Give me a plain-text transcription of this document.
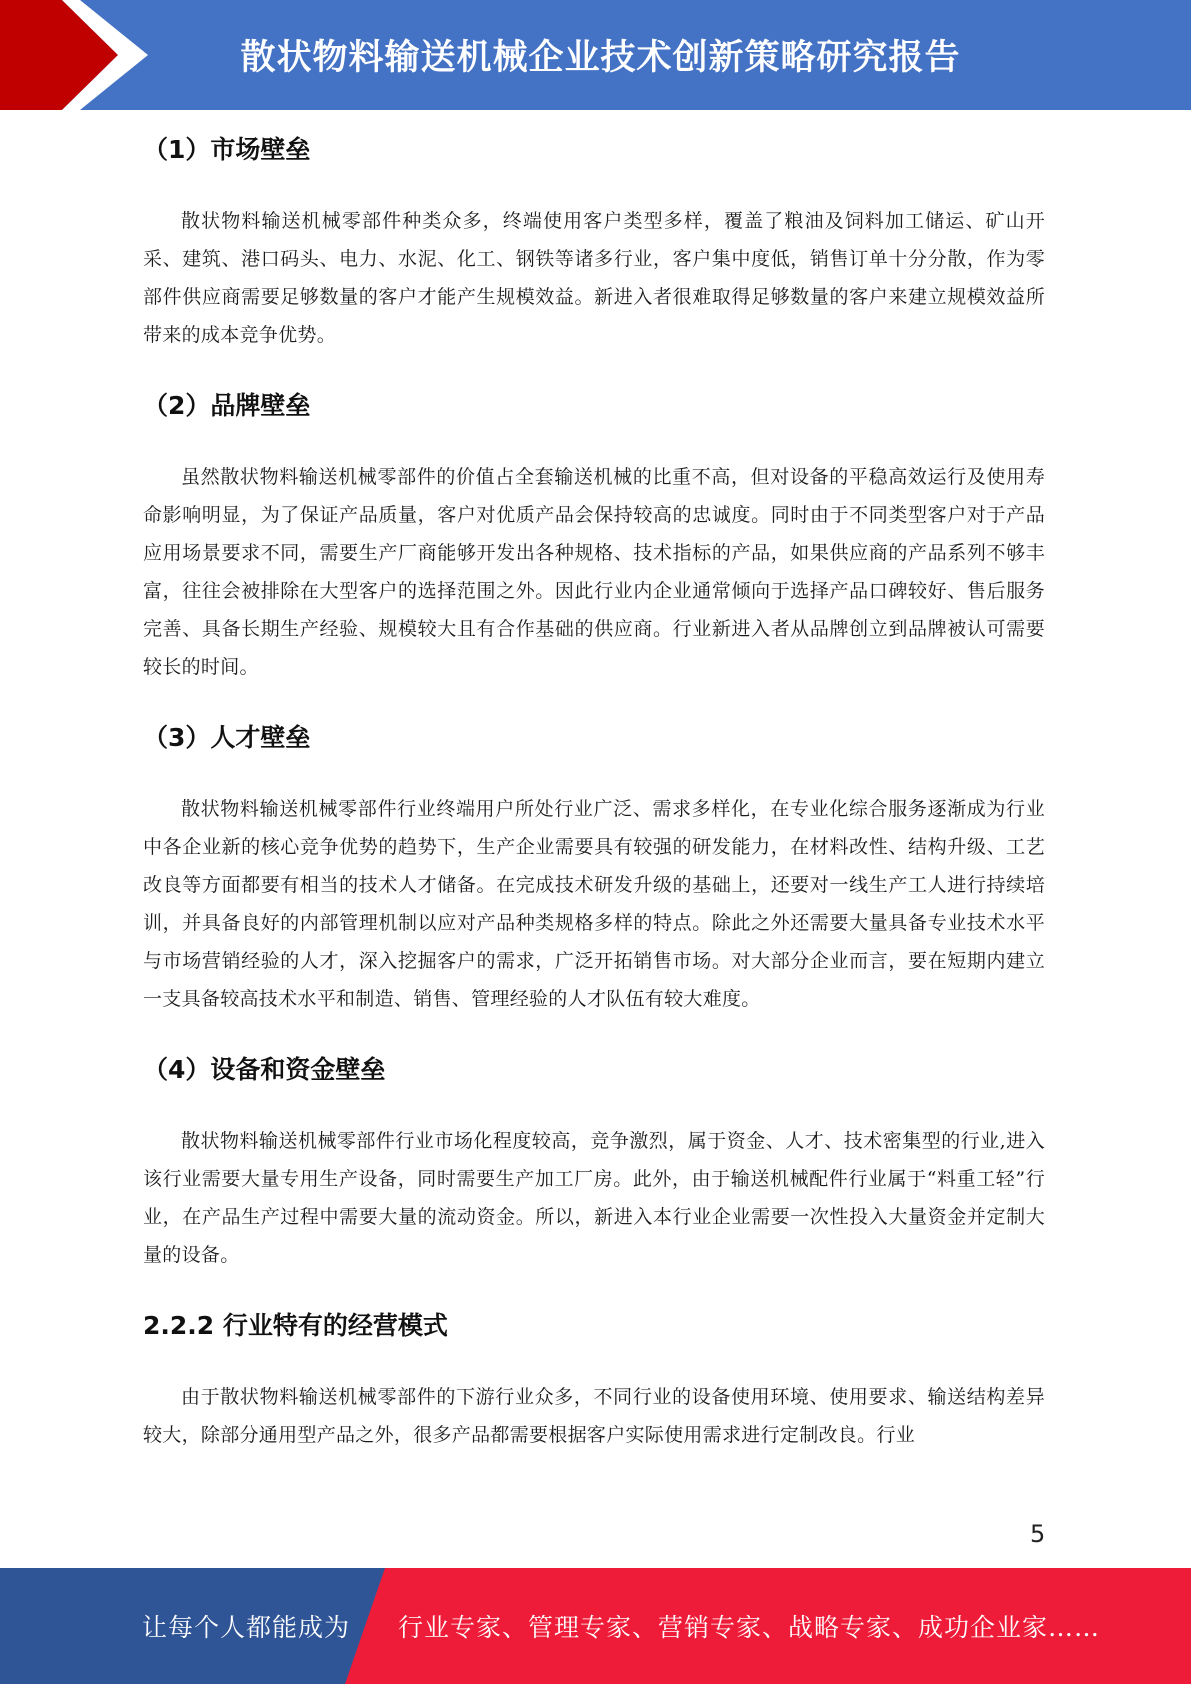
散状物料输送机械企业技术创新策略研究报告
（1）市场壁垒

散状物料输送机械零部件种类众多，终端使用客户类型多样，覆盖了粮油及饲料加工储运、矿山开采、建筑、港口码头、电力、水泥、化工、钢铁等诸多行业，客户集中度低，销售订单十分分散，作为零部件供应商需要足够数量的客户才能产生规模效益。新进入者很难取得足够数量的客户来建立规模效益所带来的成本竞争优势。

（2）品牌壁垒

虽然散状物料输送机械零部件的价值占全套输送机械的比重不高，但对设备的平稳高效运行及使用寿命影响明显，为了保证产品质量，客户对优质产品会保持较高的忠诚度。同时由于不同类型客户对于产品应用场景要求不同，需要生产厂商能够开发出各种规格、技术指标的产品，如果供应商的产品系列不够丰富，往往会被排除在大型客户的选择范围之外。因此行业内企业通常倾向于选择产品口碑较好、售后服务完善、具备长期生产经验、规模较大且有合作基础的供应商。行业新进入者从品牌创立到品牌被认可需要较长的时间。

（3）人才壁垒

散状物料输送机械零部件行业终端用户所处行业广泛、需求多样化，在专业化综合服务逐渐成为行业中各企业新的核心竞争优势的趋势下，生产企业需要具有较强的研发能力，在材料改性、结构升级、工艺改良等方面都要有相当的技术人才储备。在完成技术研发升级的基础上，还要对一线生产工人进行持续培训，并具备良好的内部管理机制以应对产品种类规格多样的特点。除此之外还需要大量具备专业技术水平与市场营销经验的人才，深入挖掘客户的需求，广泛开拓销售市场。对大部分企业而言，要在短期内建立一支具备较高技术水平和制造、销售、管理经验的人才队伍有较大难度。

（4）设备和资金壁垒

散状物料输送机械零部件行业市场化程度较高，竞争激烈，属于资金、人才、技术密集型的行业,进入该行业需要大量专用生产设备，同时需要生产加工厂房。此外，由于输送机械配件行业属于“料重工轻”行业，在产品生产过程中需要大量的流动资金。所以，新进入本行业企业需要一次性投入大量资金并定制大量的设备。

2.2.2 行业特有的经营模式

由于散状物料输送机械零部件的下游行业众多，不同行业的设备使用环境、使用要求、输送结构差异较大，除部分通用型产品之外，很多产品都需要根据客户实际使用需求进行定制改良。行业

5
让每个人都能成为 行业专家、管理专家、营销专家、战略专家、成功企业家……
